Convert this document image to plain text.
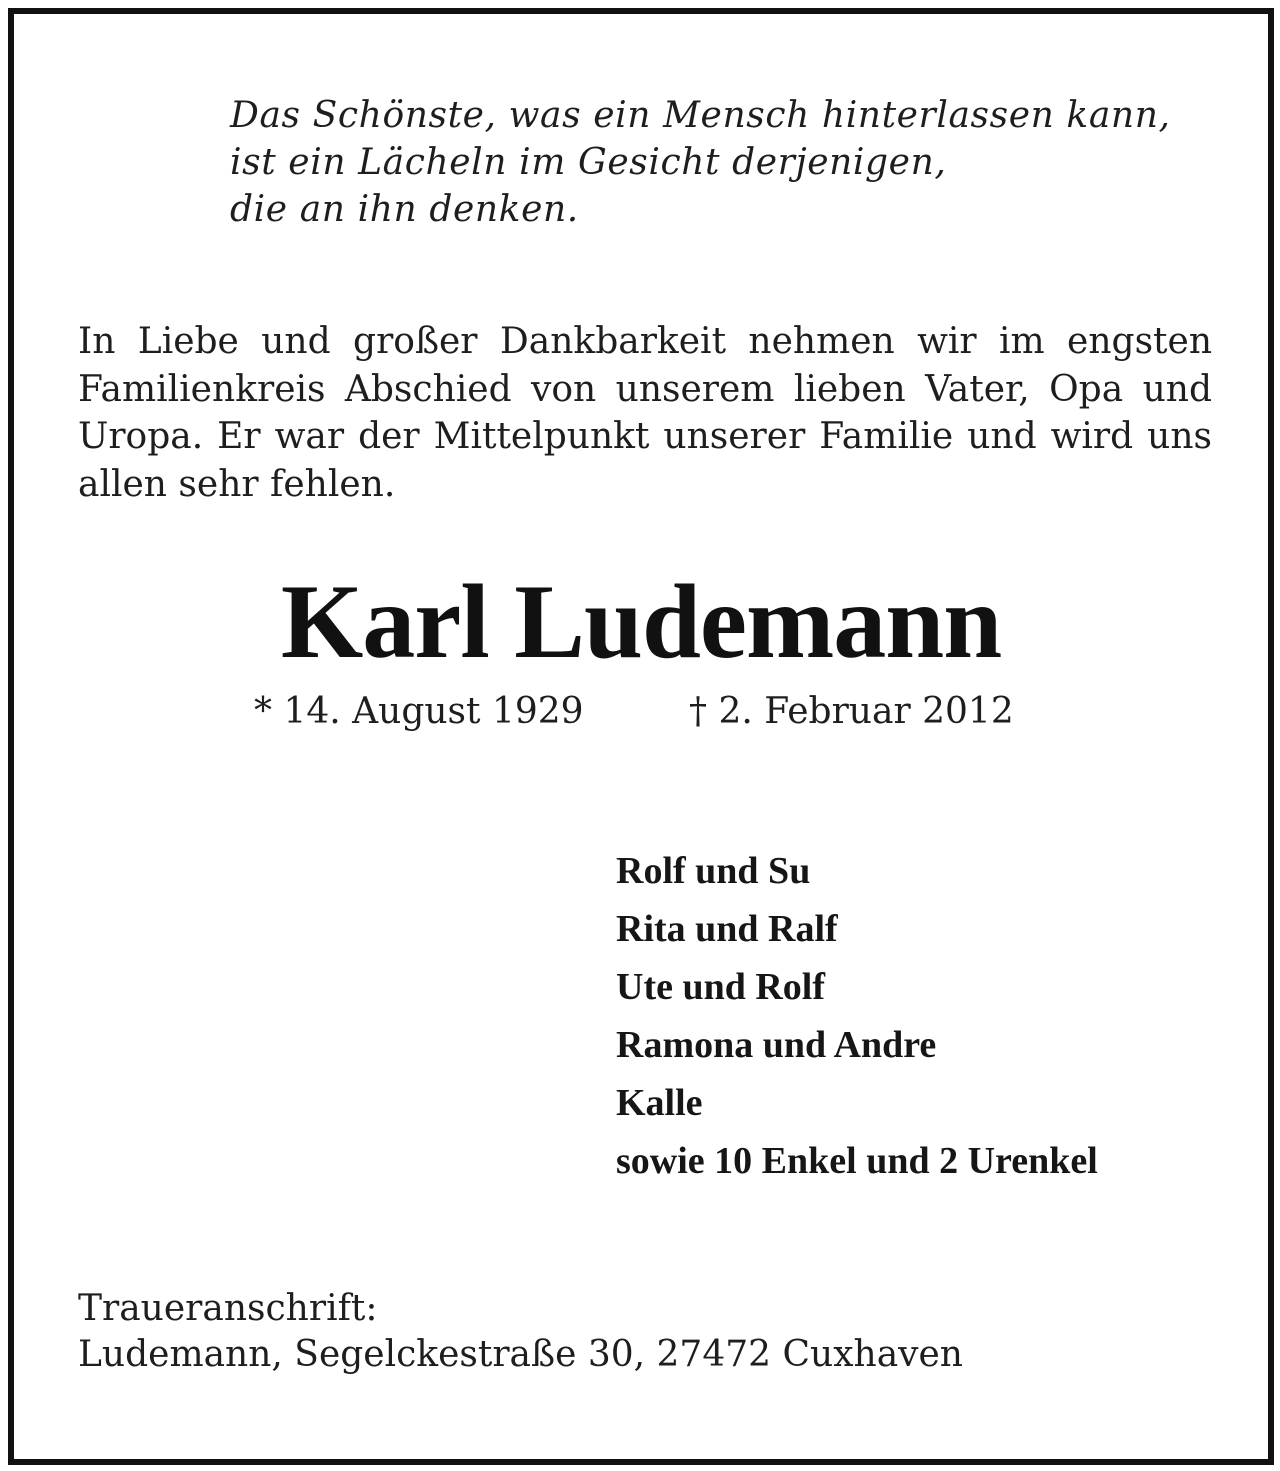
Das Schönste, was ein Mensch hinterlassen kann,
ist ein Lächeln im Gesicht derjenigen,
die an ihn denken.
In Liebe und großer Dankbarkeit nehmen wir im engsten Familienkreis Abschied von unserem lieben Vater, Opa und Uropa. Er war der Mittelpunkt unserer Familie und wird uns allen sehr fehlen.
Karl Ludemann
* 14. August 1929	† 2. Februar 2012
Rolf und Su
Rita und Ralf
Ute und Rolf
Ramona und Andre
Kalle
sowie 10 Enkel und 2 Urenkel
Traueranschrift:
Ludemann, Segelckestraße 30, 27472 Cuxhaven
